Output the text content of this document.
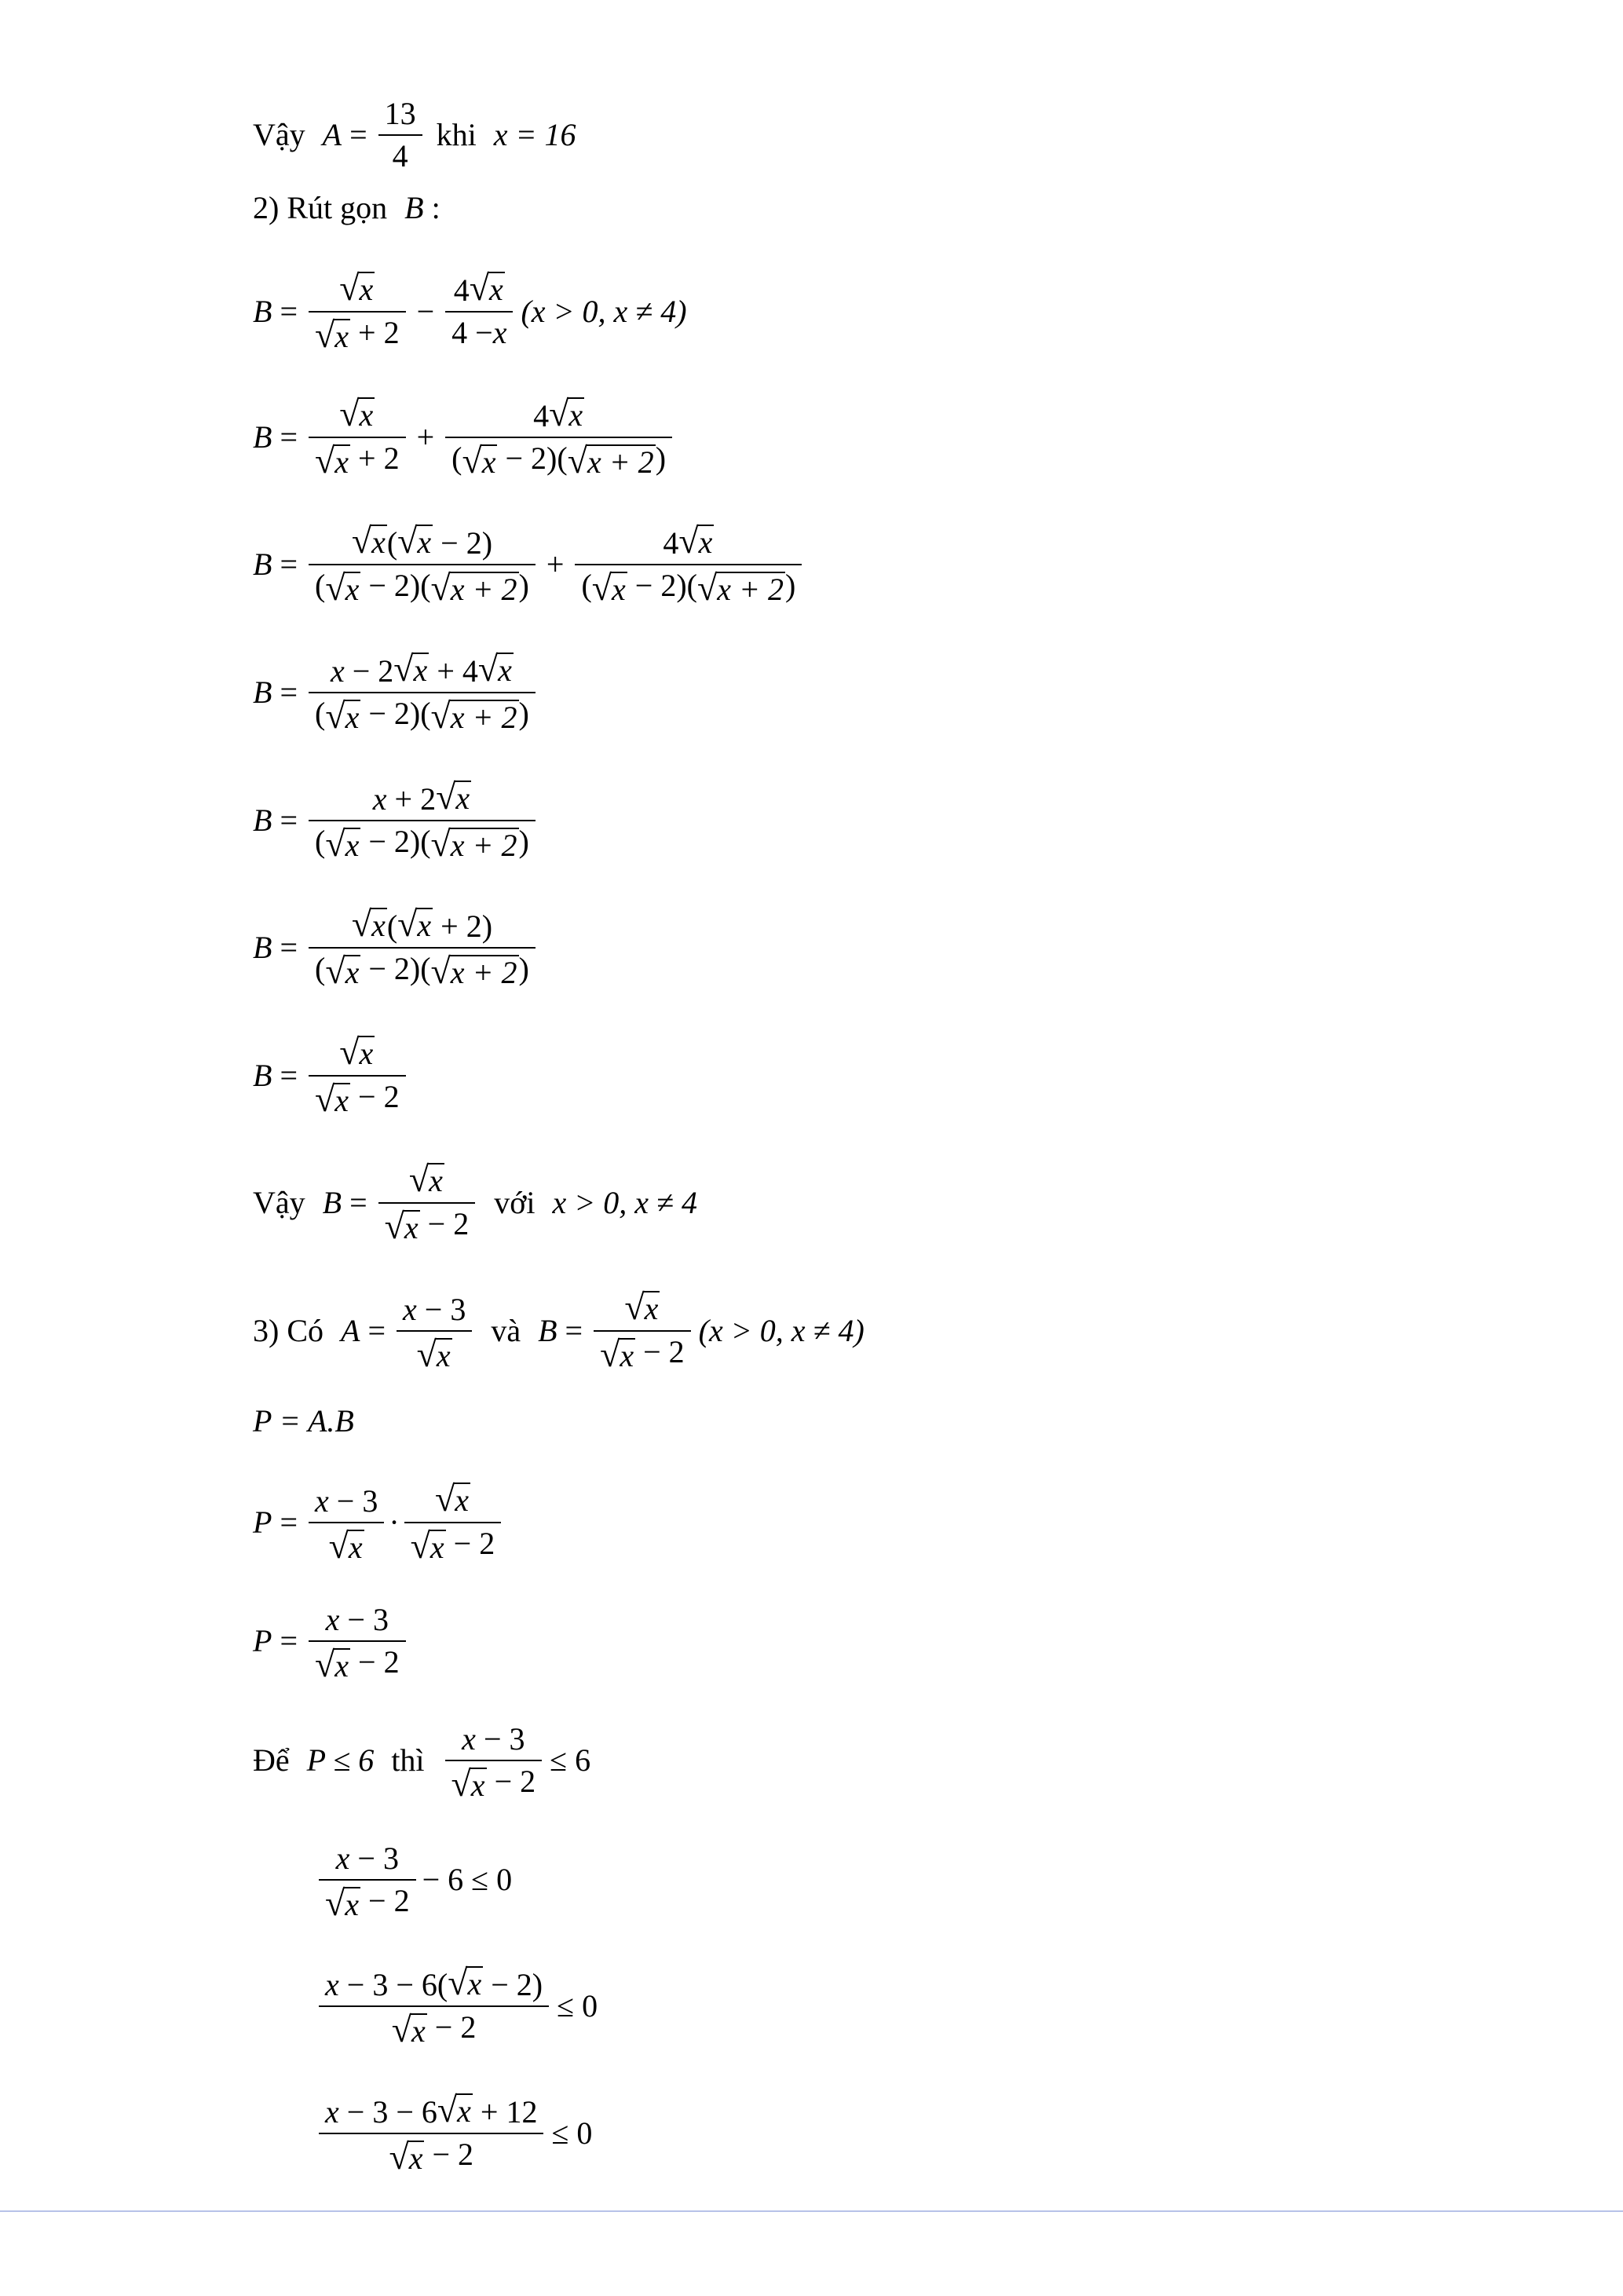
Vậy $A = \frac{13}{4}$ khi x = 16
2) Rút gọn B :
$B = \frac{√ x}{√ x + 2} - \frac{4 √ x}{4 - x} (x > 0$, x ≠ 4)
$B = \frac{√ x}{√ x + 2} + \frac{4 √ x}{( √ x - 2)( √ x + 2 )}$
$B = \frac{√ x ( √ x - 2)}{( √ x - 2)( √ x + 2 )} + \frac{4 √ x}{( √ x - 2)( √ x + 2 )}$
$B = \frac{x - 2 √ x + 4 √ x}{( √ x - 2)( √ x + 2 )}$
$B = \frac{x + 2 √ x}{( √ x - 2)( √ x + 2 )}$
$B = \frac{√ x ( √ x + 2)}{( √ x - 2)( √ x + 2 )}$
$B = \frac{√ x}{√ x - 2}$
Vậy $B = \frac{√ x}{√ x - 2}$ với x > 0, x ≠ 4
3) Có $A = \frac{x - 3}{√ x}$ và $B = \frac{√ x}{√ x - 2} (x > 0$, x ≠ 4)
P = A.B
$P = \frac{x - 3}{√ x} \cdot \frac{√ x}{√ x - 2}$
$P = \frac{x - 3}{√ x - 2}$
Để P ≤ 6 thì $\frac{x - 3}{√ x - 2} \le 6$
$\frac{x - 3}{√ x - 2} - 6 \le 0$
$\frac{x - 3 - 6( √ x - 2)}{√ x - 2} \le 0$
$\frac{x - 3 - 6 √ x + 12}{√ x - 2} \le 0$
